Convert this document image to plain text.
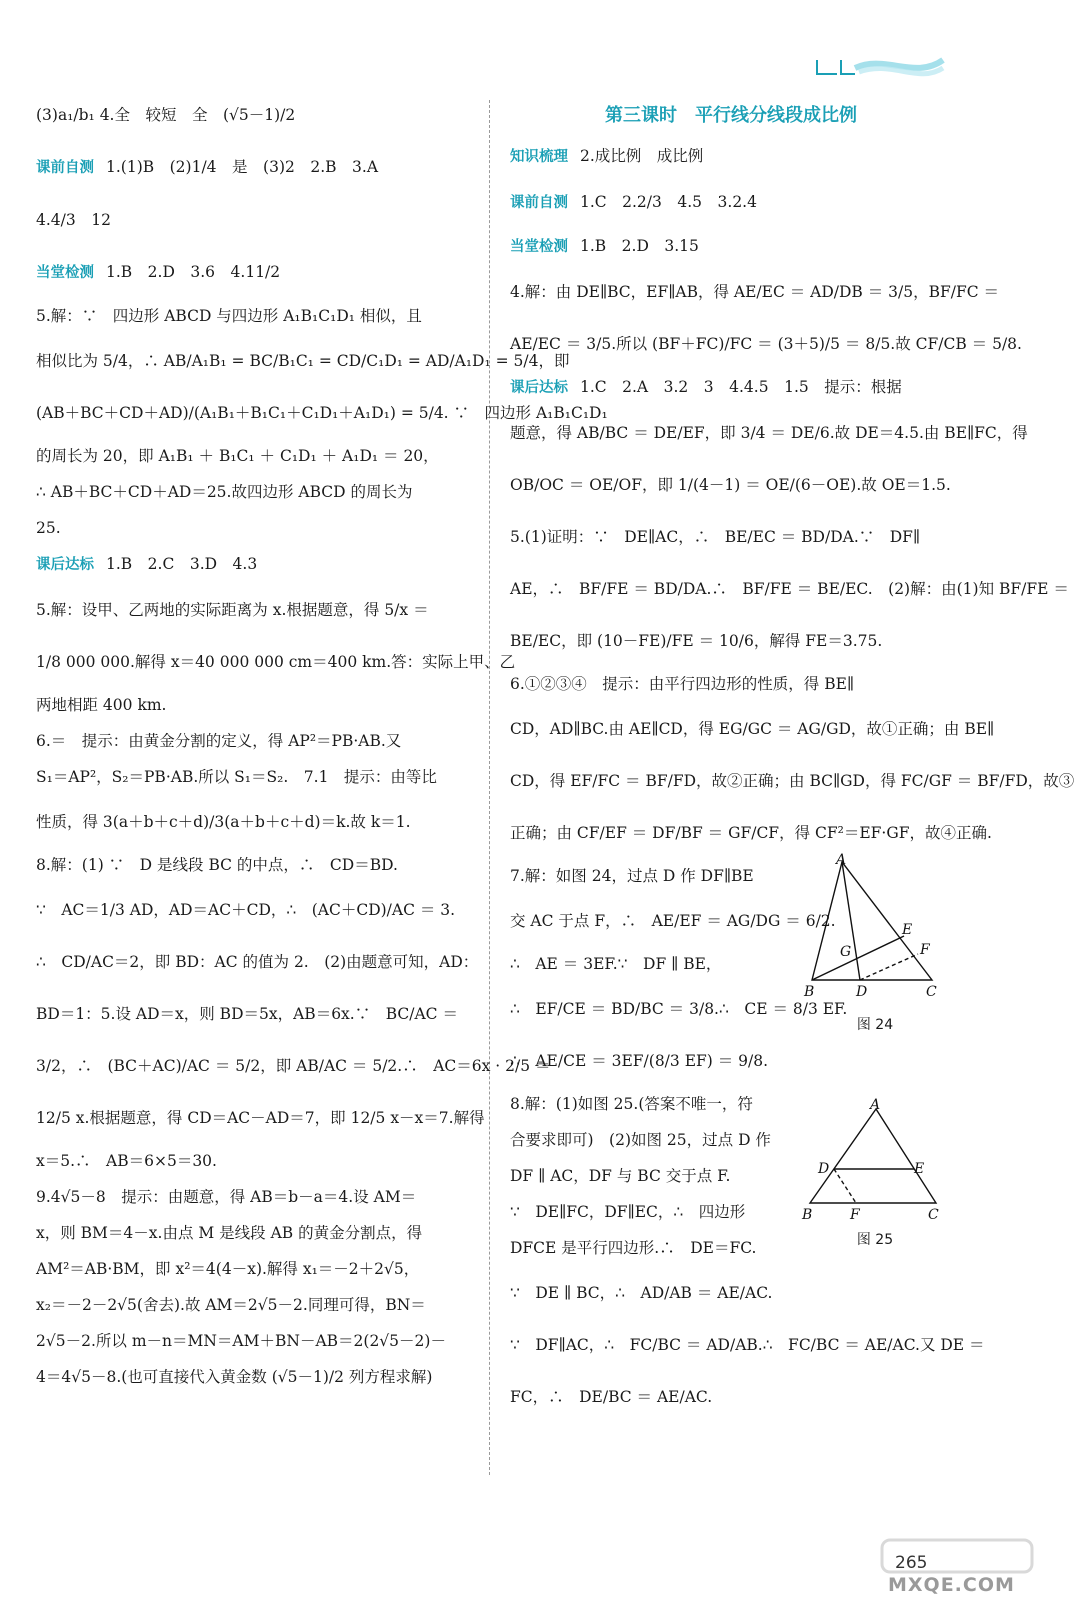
(3)a₁/b₁ 4.全　较短　全　(√5－1)/2
课前自测 1.(1)B　(2)1/4　是　(3)2　2.B　3.A
4.4/3　12
当堂检测 1.B　2.D　3.6　4.11/2
5.解：∵　四边形 ABCD 与四边形 A₁B₁C₁D₁ 相似，且
相似比为 5/4，∴ AB/A₁B₁ = BC/B₁C₁ = CD/C₁D₁ = AD/A₁D₁ = 5/4，即
(AB＋BC＋CD＋AD)/(A₁B₁＋B₁C₁＋C₁D₁＋A₁D₁) = 5/4. ∵　四边形 A₁B₁C₁D₁
的周长为 20，即 A₁B₁ ＋ B₁C₁ ＋ C₁D₁ ＋ A₁D₁ ＝ 20，
∴ AB＋BC＋CD＋AD＝25.故四边形 ABCD 的周长为
25.
课后达标 1.B　2.C　3.D　4.3
5.解：设甲、乙两地的实际距离为 x.根据题意，得 5/x ＝
1/8 000 000.解得 x＝40 000 000 cm＝400 km.答：实际上甲、乙
两地相距 400 km.
6.＝　提示：由黄金分割的定义，得 AP²＝PB·AB.又
S₁＝AP²，S₂＝PB·AB.所以 S₁＝S₂.　7.1　提示：由等比
性质，得 3(a＋b＋c＋d)/3(a＋b＋c＋d)＝k.故 k＝1.
8.解：(1) ∵　D 是线段 BC 的中点，∴　CD＝BD.
∵　AC＝1/3 AD，AD＝AC＋CD，∴　(AC＋CD)/AC ＝ 3.
∴　CD/AC＝2，即 BD：AC 的值为 2.　(2)由题意可知，AD：
BD＝1：5.设 AD＝x，则 BD＝5x，AB＝6x.∵　BC/AC ＝
3/2，∴　(BC＋AC)/AC ＝ 5/2，即 AB/AC ＝ 5/2.∴　AC＝6x · 2/5 ＝
12/5 x.根据题意，得 CD＝AC－AD＝7，即 12/5 x－x＝7.解得
x＝5.∴　AB＝6×5＝30.
9.4√5－8　提示：由题意，得 AB＝b－a＝4.设 AM＝
x，则 BM＝4－x.由点 M 是线段 AB 的黄金分割点，得
AM²＝AB·BM，即 x²＝4(4－x).解得 x₁＝－2＋2√5，
x₂＝－2－2√5(舍去).故 AM＝2√5－2.同理可得，BN＝
2√5－2.所以 m－n＝MN＝AM＋BN－AB＝2(2√5－2)－
4＝4√5－8.(也可直接代入黄金数 (√5－1)/2 列方程求解)
第三课时　平行线分线段成比例
知识梳理 2.成比例　成比例
课前自测 1.C　2.2/3　4.5　3.2.4
当堂检测 1.B　2.D　3.15
4.解：由 DE∥BC，EF∥AB，得 AE/EC ＝ AD/DB ＝ 3/5，BF/FC ＝
AE/EC ＝ 3/5.所以 (BF＋FC)/FC ＝ (3＋5)/5 ＝ 8/5.故 CF/CB ＝ 5/8.
课后达标 1.C　2.A　3.2　3　4.4.5　1.5　提示：根据
题意，得 AB/BC ＝ DE/EF，即 3/4 ＝ DE/6.故 DE＝4.5.由 BE∥FC，得
OB/OC ＝ OE/OF，即 1/(4－1) ＝ OE/(6－OE).故 OE＝1.5.
5.(1)证明：∵　DE∥AC，∴　BE/EC ＝ BD/DA.∵　DF∥
AE，∴　BF/FE ＝ BD/DA.∴　BF/FE ＝ BE/EC.　(2)解：由(1)知 BF/FE ＝
BE/EC，即 (10－FE)/FE ＝ 10/6，解得 FE＝3.75.
6.①②③④　提示：由平行四边形的性质，得 BE∥
CD，AD∥BC.由 AE∥CD，得 EG/GC ＝ AG/GD，故①正确；由 BE∥
CD，得 EF/FC ＝ BF/FD，故②正确；由 BC∥GD，得 FC/GF ＝ BF/FD，故③
正确；由 CF/EF ＝ DF/BF ＝ GF/CF，得 CF²＝EF·GF，故④正确.
7.解：如图 24，过点 D 作 DF∥BE
交 AC 于点 F，∴　AE/EF ＝ AG/DG ＝ 6/2.
∴　AE ＝ 3EF.∵　DF ∥ BE，
∴　EF/CE ＝ BD/BC ＝ 3/8.∴　CE ＝ 8/3 EF.
∴　AE/CE ＝ 3EF/(8/3 EF) ＝ 9/8.
8.解：(1)如图 25.(答案不唯一，符
合要求即可)　(2)如图 25，过点 D 作
DF ∥ AC，DF 与 BC 交于点 F.
∵　DE∥FC，DF∥EC，∴　四边形
DFCE 是平行四边形.∴　DE＝FC.
∵　DE ∥ BC，∴　AD/AB ＝ AE/AC.
∵　DF∥AC，∴　FC/BC ＝ AD/AB.∴　FC/BC ＝ AE/AC.又 DE ＝
FC，∴　DE/BC ＝ AE/AC.
A
E
G	F
B	D	C
图 24
A
D	E
B	F	C
图 25
MXQE.COM
265
